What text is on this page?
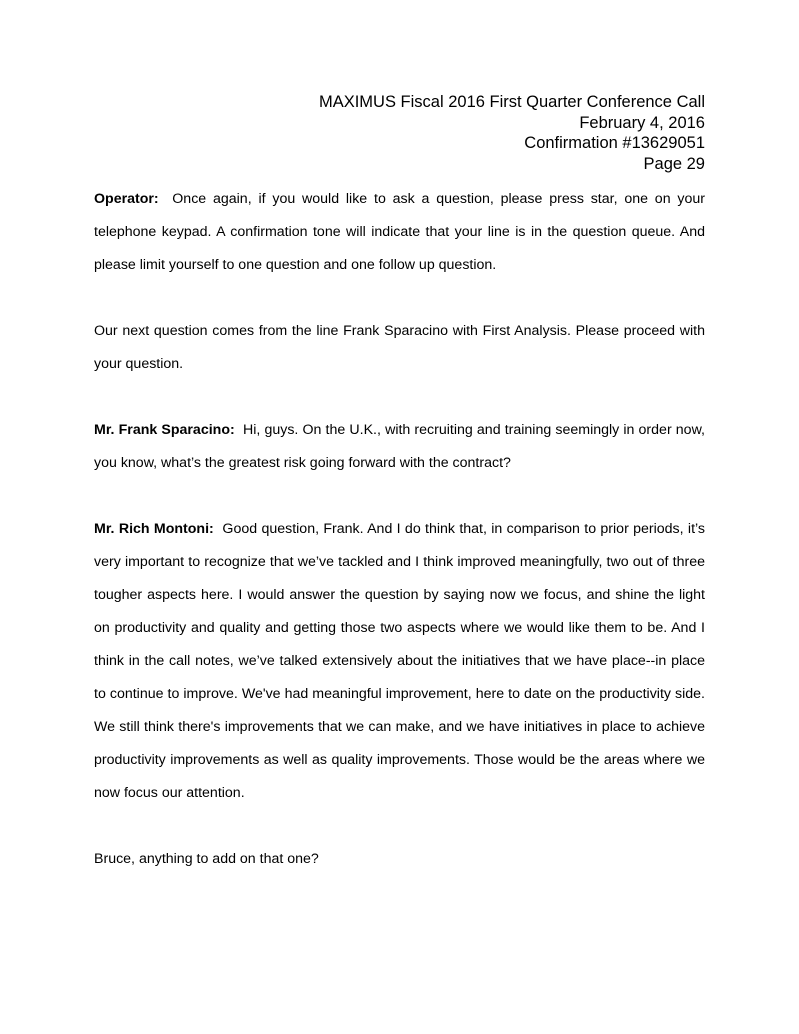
MAXIMUS Fiscal 2016 First Quarter Conference Call
February 4, 2016
Confirmation #13629051
Page 29

Operator: Once again, if you would like to ask a question, please press star, one on your telephone keypad. A confirmation tone will indicate that your line is in the question queue. And please limit yourself to one question and one follow up question.

Our next question comes from the line Frank Sparacino with First Analysis. Please proceed with your question.

Mr. Frank Sparacino: Hi, guys. On the U.K., with recruiting and training seemingly in order now, you know, what’s the greatest risk going forward with the contract?

Mr. Rich Montoni: Good question, Frank. And I do think that, in comparison to prior periods, it’s very important to recognize that we’ve tackled and I think improved meaningfully, two out of three tougher aspects here. I would answer the question by saying now we focus, and shine the light on productivity and quality and getting those two aspects where we would like them to be. And I think in the call notes, we’ve talked extensively about the initiatives that we have place--in place to continue to improve. We've had meaningful improvement, here to date on the productivity side. We still think there's improvements that we can make, and we have initiatives in place to achieve productivity improvements as well as quality improvements. Those would be the areas where we now focus our attention.

Bruce, anything to add on that one?
